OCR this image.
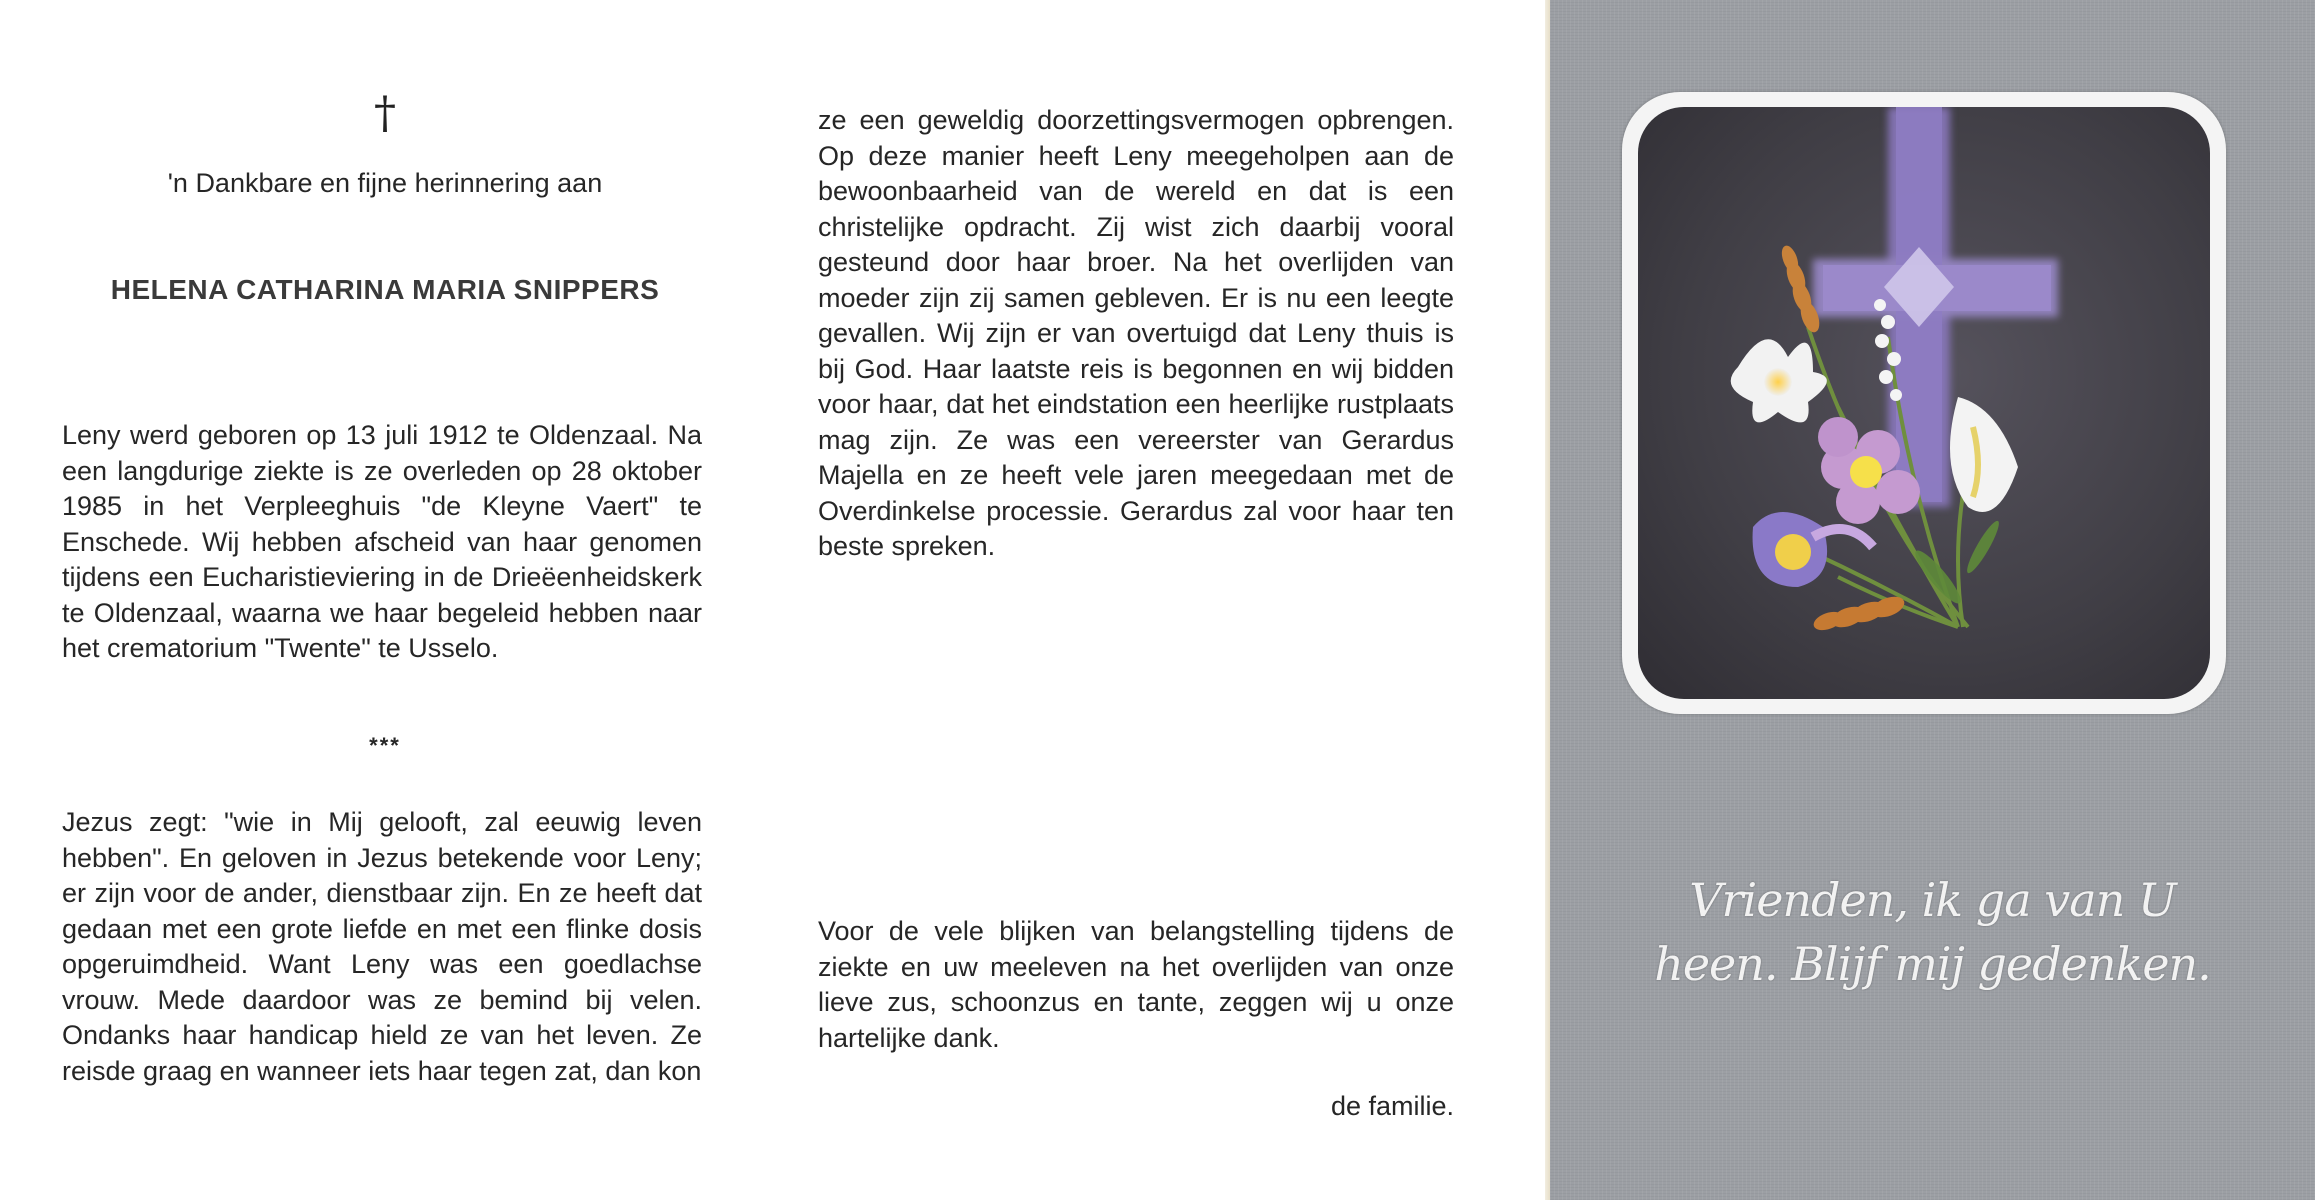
†
'n Dankbare en fijne herinnering aan
HELENA CATHARINA MARIA SNIPPERS

Leny werd geboren op 13 juli 1912 te Oldenzaal. Na een langdurige ziekte is ze overleden op 28 oktober 1985 in het Verpleeghuis "de Kleyne Vaert" te Enschede. Wij hebben afscheid van haar genomen tijdens een Eucharistieviering in de Drieëenheidskerk te Oldenzaal, waarna we haar begeleid hebben naar het crematorium "Twente" te Usselo.

***

Jezus zegt: "wie in Mij gelooft, zal eeuwig leven hebben". En geloven in Jezus betekende voor Leny; er zijn voor de ander, dienstbaar zijn. En ze heeft dat gedaan met een grote liefde en met een flinke dosis opgeruimdheid. Want Leny was een goedlachse vrouw. Mede daardoor was ze bemind bij velen. Ondanks haar handicap hield ze van het leven. Ze reisde graag en wanneer iets haar tegen zat, dan kon

ze een geweldig doorzettingsvermogen opbrengen. Op deze manier heeft Leny meegeholpen aan de bewoonbaarheid van de wereld en dat is een christelijke opdracht. Zij wist zich daarbij vooral gesteund door haar broer. Na het overlijden van moeder zijn zij samen gebleven. Er is nu een leegte gevallen. Wij zijn er van overtuigd dat Leny thuis is bij God. Haar laatste reis is begonnen en wij bidden voor haar, dat het eindstation een heerlijke rustplaats mag zijn. Ze was een vereerster van Gerardus Majella en ze heeft vele jaren meegedaan met de Overdinkelse processie. Gerardus zal voor haar ten beste spreken.

Voor de vele blijken van belangstelling tijdens de ziekte en uw meeleven na het overlijden van onze lieve zus, schoonzus en tante, zeggen wij u onze hartelijke dank.

de familie.
Vrienden, ik ga van U
heen. Blijf mij gedenken.
